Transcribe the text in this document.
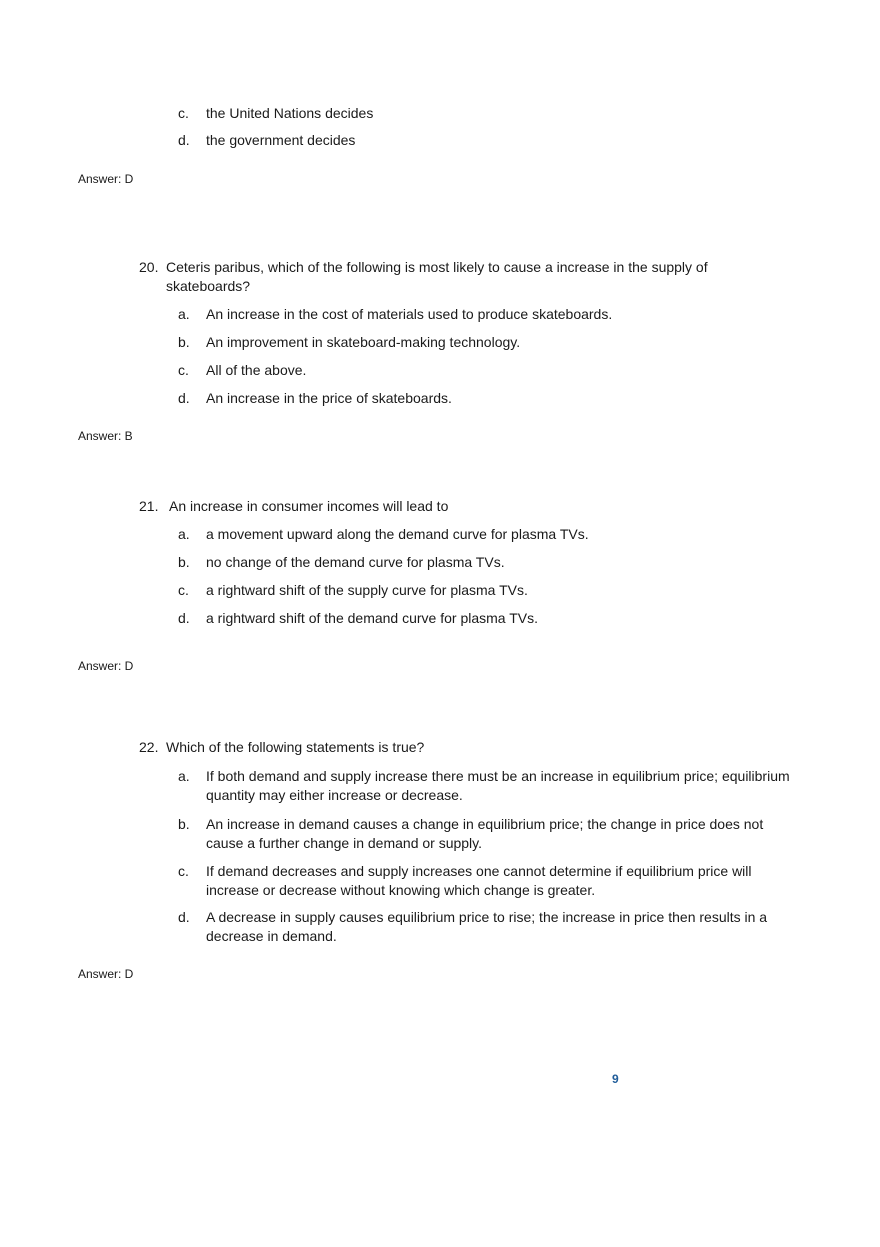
c.	the United Nations decides
d.	the government decides
Answer: D
20. Ceteris paribus, which of the following is most likely to cause a increase in the supply of skateboards?
a.	An increase in the cost of materials used to produce skateboards.
b.	An improvement in skateboard-making technology.
c.	All of the above.
d.	An increase in the price of skateboards.
Answer: B
21. An increase in consumer incomes will lead to
a.	a movement upward along the demand curve for plasma TVs.
b.	no change of the demand curve for plasma TVs.
c.	a rightward shift of the supply curve for plasma TVs.
d.	a rightward shift of the demand curve for plasma TVs.
Answer: D
22. Which of the following statements is true?
a.	If both demand and supply increase there must be an increase in equilibrium price; equilibrium quantity may either increase or decrease.
b.	An increase in demand causes a change in equilibrium price; the change in price does not cause a further change in demand or supply.
c.	If demand decreases and supply increases one cannot determine if equilibrium price will increase or decrease without knowing which change is greater.
d.	A decrease in supply causes equilibrium price to rise; the increase in price then results in a decrease in demand.
Answer: D
9
